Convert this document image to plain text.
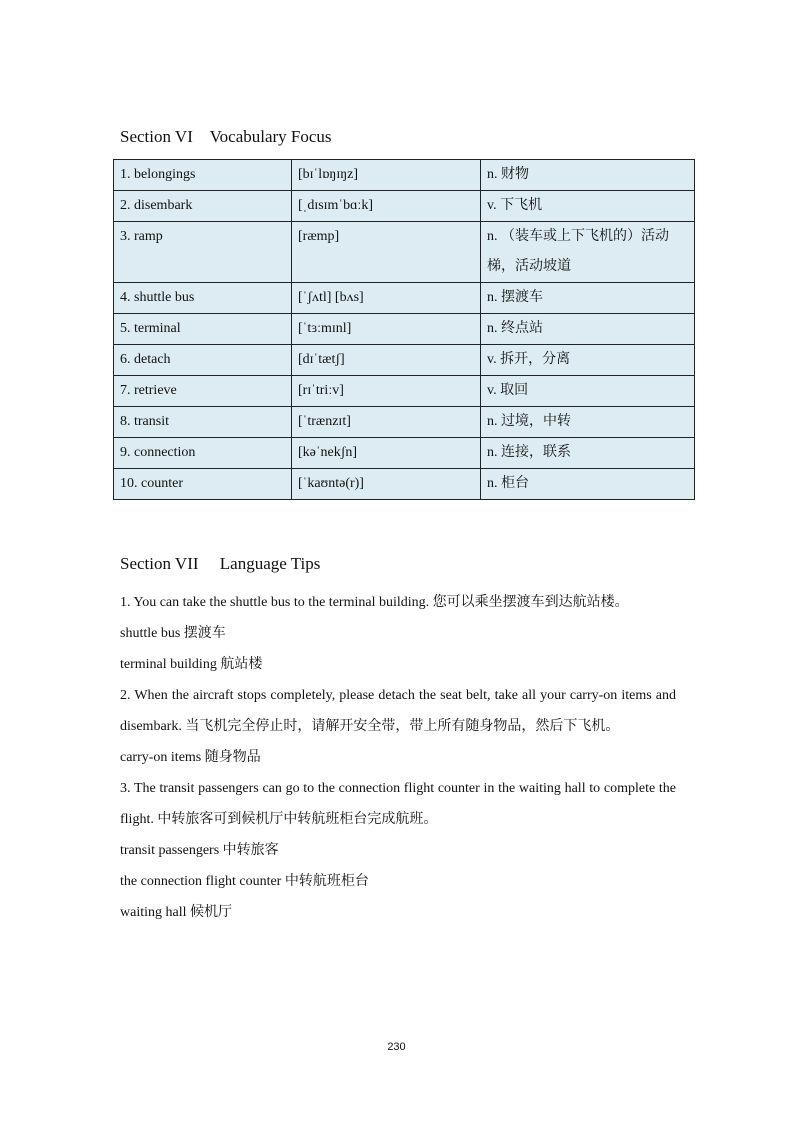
Section VI    Vocabulary Focus
1. belongings	[bɪˈlɒŋɪŋz]	n. 财物
2. disembark	[ˌdɪsɪmˈbɑːk]	v. 下飞机
3. ramp	[ræmp]	n. （装车或上下飞机的）活动梯，活动坡道
4. shuttle bus	[ˈʃʌtl] [bʌs]	n. 摆渡车
5. terminal	[ˈtɜːmɪnl]	n. 终点站
6. detach	[dɪˈtætʃ]	v. 拆开，分离
7. retrieve	[rɪˈtriːv]	v. 取回
8. transit	[ˈtrænzɪt]	n. 过境，中转
9. connection	[kəˈnekʃn]	n. 连接，联系
10. counter	[ˈkaʊntə(r)]	n. 柜台
Section VII     Language Tips

1. You can take the shuttle bus to the terminal building. 您可以乘坐摆渡车到达航站楼。

shuttle bus 摆渡车

terminal building 航站楼

2. When the aircraft stops completely, please detach the seat belt, take all your carry-on items and disembark. 当飞机完全停止时，请解开安全带，带上所有随身物品，然后下飞机。

carry-on items 随身物品

3. The transit passengers can go to the connection flight counter in the waiting hall to complete the flight. 中转旅客可到候机厅中转航班柜台完成航班。

transit passengers 中转旅客

the connection flight counter 中转航班柜台

waiting hall 候机厅

230
